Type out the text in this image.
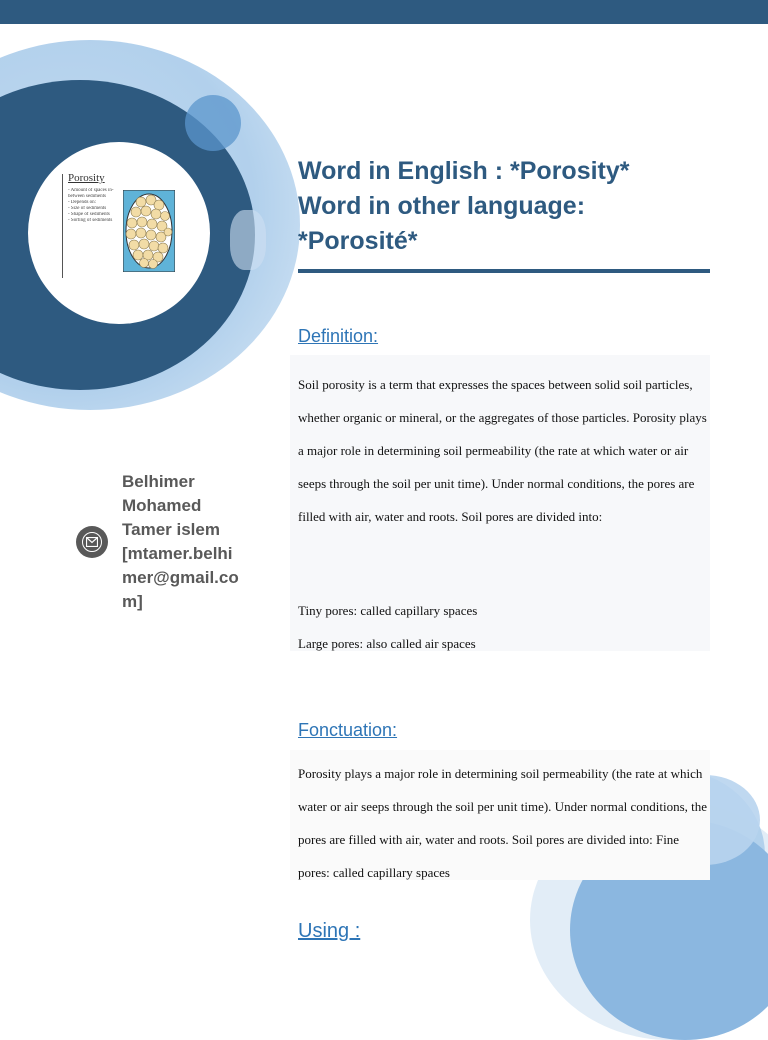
Porosity
- Amount of spaces in-
between sediments
- Depends on:
- Size of sediments
- Shape of sediments
- Sorting of sediments
Word in English : *Porosity*
Word in other language:
*Porosité*
Belhimer
Mohamed
Tamer islem
[mtamer.belhi
mer@gmail.co
m]
Definition:
Soil porosity is a term that expresses the spaces between solid soil particles, whether organic or mineral, or the aggregates of those particles. Porosity plays a major role in determining soil permeability (the rate at which water or air seeps through the soil per unit time). Under normal conditions, the pores are filled with air, water and roots. Soil pores are divided into:
Tiny pores: called capillary spaces
Large pores: also called air spaces
Fonctuation:
Porosity plays a major role in determining soil permeability (the rate at which water or air seeps through the soil per unit time). Under normal conditions, the pores are filled with air, water and roots. Soil pores are divided into: Fine pores: called capillary spaces
Using :
